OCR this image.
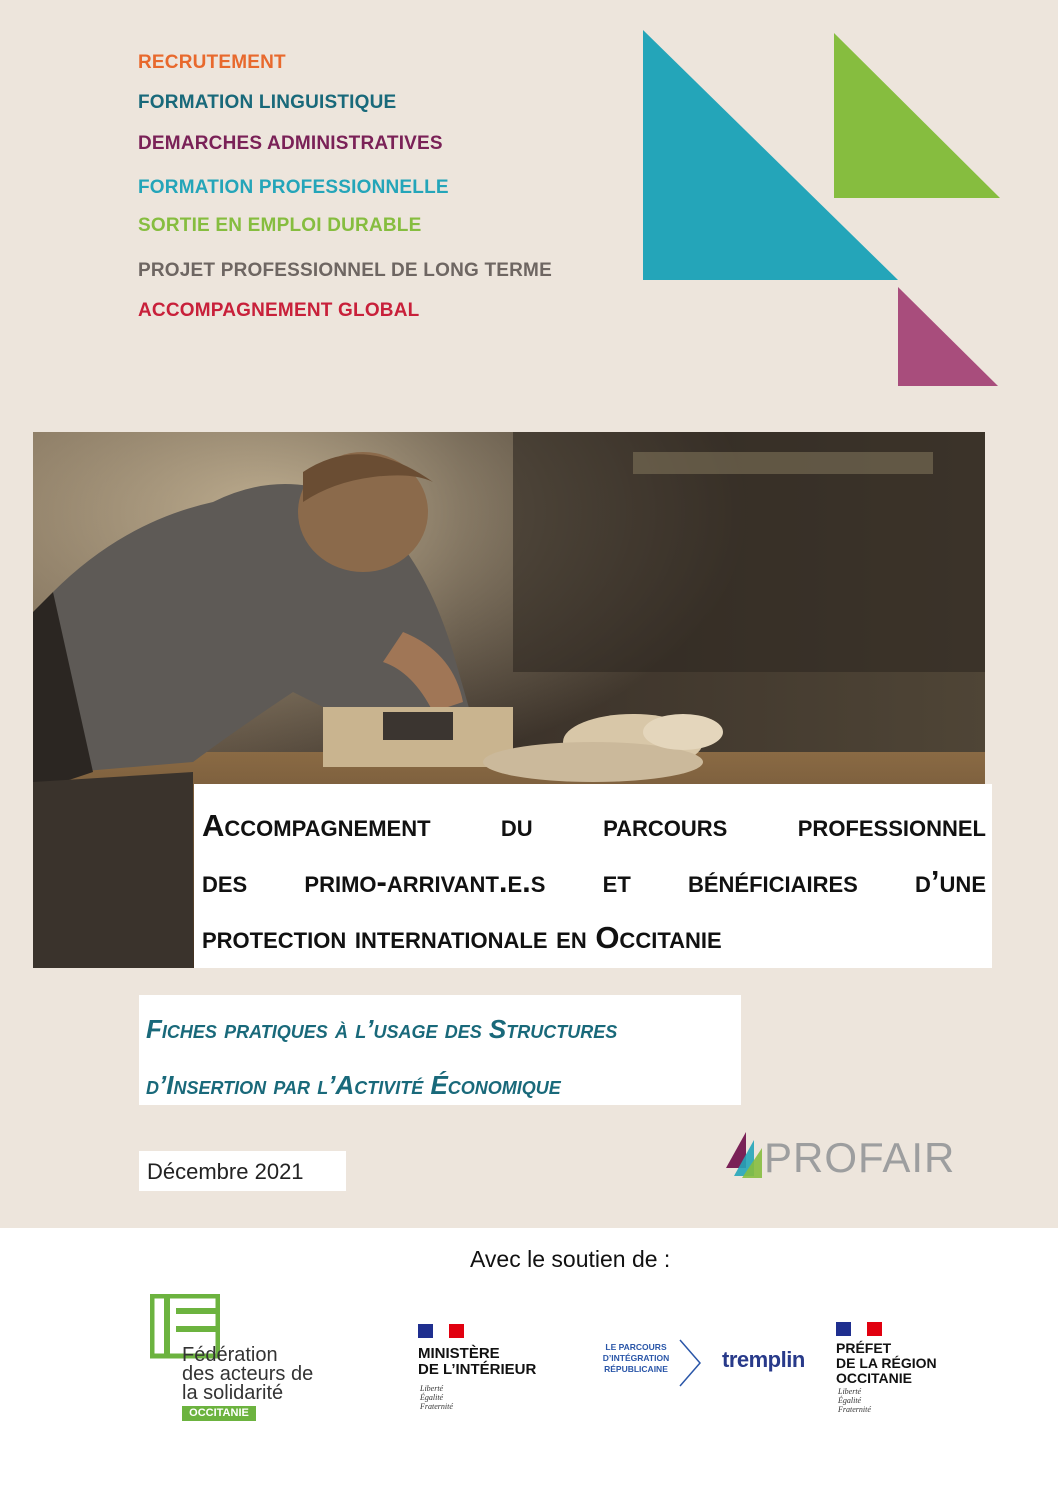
RECRUTEMENT
FORMATION LINGUISTIQUE
DEMARCHES ADMINISTRATIVES
FORMATION PROFESSIONNELLE
SORTIE EN EMPLOI DURABLE
PROJET PROFESSIONNEL DE LONG TERME
ACCOMPAGNEMENT GLOBAL
Accompagnement du parcours professionnel
des primo-arrivant.e.s et bénéficiaires d’une
protection internationale en Occitanie
Fiches pratiques à l’usage des Structures
d’Insertion par l’Activité Économique
Décembre 2021	PROFAIR
Avec le soutien de :
Fédération
des acteurs de
la solidarité
OCCITANIE
MINISTÈRE
DE L’INTÉRIEUR
Liberté
Égalité
Fraternité
LE PARCOURS
D’INTÉGRATION
RÉPUBLICAINE	tremplin PRÉFET
DE LA RÉGION
OCCITANIE
Liberté
Égalité
Fraternité
